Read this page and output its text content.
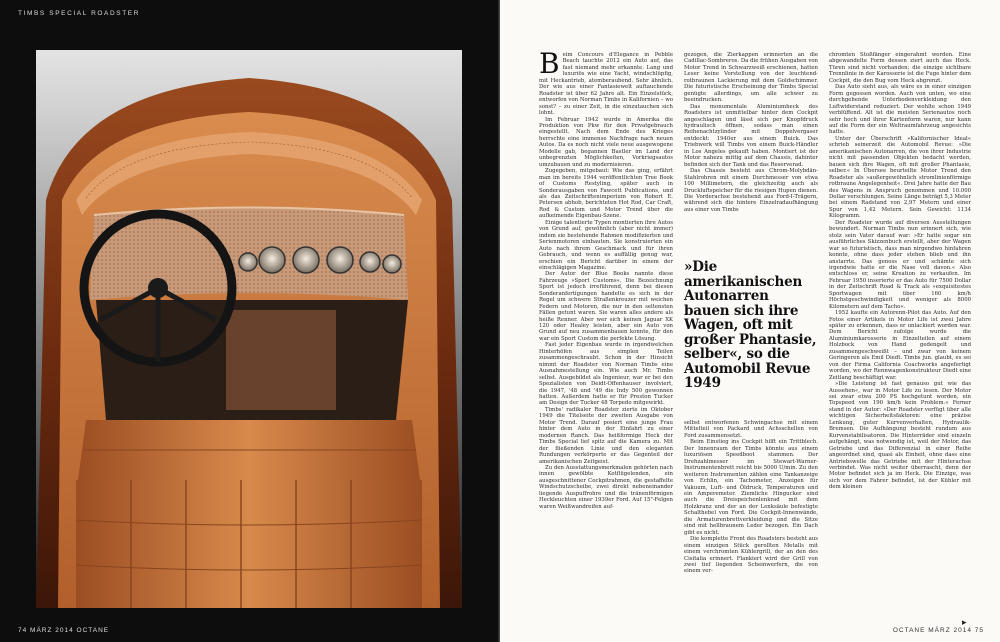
TIMBS SPECIAL ROADSTER
74 MÄRZ 2014 OCTANE
B eim Concours d'Elegance in Pebble Beach tauchte 2012 ein Auto auf, das fast niemand mehr erkannte. Lang und luxuriös wie eine Yacht, windschlüpfig, mit Heckantrieb, atemberaubend. Sehr ähnlich. Der wie aus einer Fantasiewelt auftauchende Roadster ist über 62 Jahre alt. Ein Einzelstück, entworfen von Norman Timbs in Kalifornien – wo sonst? – zu einer Zeit, in die einzutauchen sich lohnt.

Im Februar 1942 wurde in Amerika die Produktion von Pkw für den Privatgebrauch eingestellt. Nach dem Ende des Krieges herrschte eine immense Nachfrage nach neuen Autos. Da es noch nicht viele neue ausgewogene Modelle gab, begannen Bastler im Land der unbegrenzten Möglichkeiten, Vorkriegsautos umzubauen und zu modernisieren.

Zugegeben, mitgebaut: Wie das ging, erfährt man im bereits 1944 veröffentlichten Tree Book of Customs Restyling, später auch in Sonderausgaben von Fawcett Publications, und als das Zeitschriftenimperium von Robert E. Petersen abhob, berichteten Hot Rod, Car Craft, Rod & Custom und Motor Trend über die aufkeimende Eigenbau-Szene.

Einige talentierte Typen montierten ihre Autos von Grund auf, gewöhnlich (aber nicht immer) indem sie bestehende Rahmen modifizierten und Serienmotoren einbauten. Sie konstruierten ein Auto nach ihrem Geschmack und für ihren Gebrauch, und wenn es auffällig genug war, erschien ein Bericht darüber in einem der einschlägigen Magazine.

Der Autor der Blue Books nannte diese Fahrzeuge »Sport Customs«. Die Bezeichnung Sport ist jedoch irreführend, denn bei diesen Sonderanfertigungen handelte es sich in der Regel um schwere Straßenkreuzer mit weichen Federn und Motoren, die nur in den seltensten Fällen getunt waren. Sie waren alles andere als heiße Renner. Aber wer sich keinen Jaguar XK 120 oder Healey leisten, aber ein Auto von Grund auf neu zusammenbauen konnte, für den war ein Sport Custom die perfekte Lösung.

Fast jeder Eigenbau wurde in irgendwelchen Hinterhöfen aus simplen Teilen zusammengeschraubt. Schon in der Hinsicht nimmt der Roadster von Norman Timbs eine Ausnahmestellung ein. Wie auch Mr. Timbs selbst. Ausgebildet als Ingenieur, war er bei den Spezialisten von Deidt-Offenhauser involviert, die 1947, '48 und '49 die Indy 500 gewonnen hatten. Außerdem hatte er für Preston Tucker am Design der Tucker 48 Torpedo mitgewirkt.

Timbs' radikaler Roadster zierte im Oktober 1949 die Titelseite der zweiten Ausgabe von Motor Trend. Darauf posiert eine junge Frau hinter dem Auto in der Einfahrt zu einer modernen Ranch. Das heißformige Heck der Timbs Special lief spitz auf die Kamera zu. Mit der fließenden Linie und den eleganten Rundungen verkörperte er das Gegenteil der amerikanischen Zeitgeist.

Zu den Ausstattungsmerkmalen gehörten nach innen gewölbte Kotflügelenden, ein ausgeschnittener Cockpitrahmen, die gestaffelte Windschutzscheibe, zwei direkt nebeneinander liegende Auspuffrohre und die tränenförmigen Heckleuchten einer 1939er Ford. Auf 15"-Felgen waren Weißwandreifen auf-

gezogen, die Zierkappen erinnerten an die Cadillac-Sombreros. Da die frühen Ausgaben von Motor Trend in Schwarzweiß erschienen, hatten Leser keine Vorstellung von der leuchtend-rotbraunen Lackierung mit dem Goldschimmer. Die futuristische Erscheinung der Timbs Special genügte allerdings, um alle schwer zu beeindrucken.

Das monumentale Aluminiumheck des Roadsters ist unmittelbar hinter dem Cockpit angeschlagen und lässt sich per Knopfdruck hydraulisch öffnen, sodass man einen Reihenachtzylinder mit Doppelvergaser entdeckt: 1940er aus einem Buick. Das Triebwerk will Timbs von einem Buick-Händler in Los Angeles gekauft haben. Montiert ist der Motor nahezu mittig auf dem Chassis, dahinter befinden sich der Tank und das Reserverad.

Das Chassis besteht aus Chrom-Molybdän-Stahlrohren mit einem Durchmesser von etwa 100 Millimetern, die gleichzeitig auch als Druckluftspeicher für die riesigen Hupen dienen. Die Vorderachse bestehend aus Ford-I-Trägern, während sich die hintere Einzelradaufhängung aus einer von Timbs

»Die amerikanischen Autonarren bauen sich ihre Wagen, oft mit großer Phantasie, selber«, so die Automobil Revue 1949

selbst entworfenen Schwingachse mit einem Mittelteil von Packard und Achsschellen von Ford zusammensetzt.

Beim Einstieg ins Cockpit hilft ein Trittblech. Der Innenraum der Timbs könnte aus einem luxuriösen Speedboot stammen. Der Drehzahlmesser im Stewart-Warner-Instrumentenbrett reicht bis 5000 U/min. Zu den weiteren Instrumenten zählen eine Tankanzeige von Echlin, ein Tachometer, Anzeigen für Vakuum, Luft- und Öldruck, Temperaturen und ein Amperemeter. Ziemliche Hingucker sind auch die Dreispeichenlenkrad mit dem Holzkranz und der an der Lenksäule befestigte Schalthebel von Ford. Die Cockpit-Innenwände, die Armaturenbrettverkleidung und die Sitze sind mit hellbraunem Leder bezogen. Ein Dach gibt es nicht.

Die komplette Front des Roadsters besteht aus einem einzigen Stück gerollten Metalls mit einem verchromten Kühlergrill, der an den des Cisitalia erinnert. Flankiert wird der Grill von zwei tief liegenden Scheinwerfern, die von einem ver-

chromten Stoßfänger eingerahmt werden. Eine abgewandelte Form dessen ziert auch das Heck. Türen sind nicht vorhanden; die einzige sichtbare Trennlinie in der Karosserie ist die Fuge hinter dem Cockpit, die den Bug vom Heck abgrenzt.

Das Auto sieht aus, als wäre es in einer einzigen Form gegossen worden. Auch von unten, wo eine durchgehende Unterbodenverkleidung den Luftwiderstand reduziert. Der wohlte schon 1949 verblüffend. Alt ist die meisten Serienautos noch sehr hoch und ihrer Kartenform waren, nur kann auf die Form der ein Weltraumfahrzeug angesichts hatte.

Unter der Überschrift »Kalifornischer Ideal« schrieb seinerzeit die Automobil Revue: »Die amerikanischen Autonarren, die von ihrer Industrie nicht mit passenden Objekten bedacht werden, bauen sich ihre Wagen, oft mit großer Phantasie, selber.« In Übersee beurteilte Motor Trend den Roadster als »außergewöhnlich stromlinienförmige rotbraune Angelegenheit«. Drei Jahre hatte der Bau des Wagens in Anspruch genommen und 10.000 Dollar verschlungen. Seine Länge beträgt 5,3 Meter bei einem Radstand von 2,97 Metern und einer Spur von 1,42 Metern. Sein Gewicht: 1134 Kilogramm.

Der Roadster wurde auf diversen Ausstellungen bewundert. Norman Timbs nun erinnert sich, wie stolz sein Vater darauf war: »Er hatte sogar ein ausführliches Skizzenbuch erstellt, aber der Wagen war so futuristisch, dass man nirgendwo hinfahren konnte, ohne dass jeder stehen blieb und ihn anstarrte. Das genoss er und schämte sich irgendwie hatte er die Nase voll davon.« Also entschloss er, seine Kreation zu verkaufen. Im Februar 1950 inserierte er das Auto für 7500 Dollar in der Zeitschrift Road & Track als »exquisitestes Sportwagen mit über 160 km/h Höchstgeschwindigkeit und weniger als 8000 Kilometern auf dem Tacho«.

1952 kaufte ein Autorenn-Pilot das Auto. Auf den Fotos einer Artikels in Motor Life ist zwei Jahre später zu erkennen, dass er unlackiert worden war. Dem Bericht zufolge wurde die Aluminiumkarosserie in Einzelteilen auf einem Holzbock von Hand gedengelt und zusammengeschweißt – und zwar von keinem Geringeren als Emil Diedt. Timbs jun. glaubt, es sei von der Firma California Coachworks angefertigt worden, wo der Rennwagenkonstrukteur Diedt eine Zeitlang beschäftigt war.

»Die Leistung ist fast genauso gut wie das Aussehen«, war in Motor Life zu lesen. Der Motor sei zwar etwa 200 PS hochgetunt worden, ein Topspeed von 190 km/h kein Problem.« Ferner stand in der Autor: »Der Roadster verfügt über alle wichtigen Sicherheitsfaktoren: eine präzise Lenkung, guter Kurvenverhalten, Hydraulik-Bremsen. Die Aufhängung besteht rundum aus Kurvenstabilisatoren. Die Hinterräder sind einzeln aufgehängt, was notwendig ist, weil der Motor, das Getriebe und das Differenzial in einer Reihe angeordnet sind, quasi als Einheit, ohne dass eine Antriebswelle das Getriebe mit der Hinterachse verbindet. Was nicht weiter überrascht, denn der Motor befindet sich ja im Heck. Die Einzige, was sich vor dem Fahrer befindet, ist der Kühler mit dem kleinen

▸
OCTANE MÄRZ 2014 75
